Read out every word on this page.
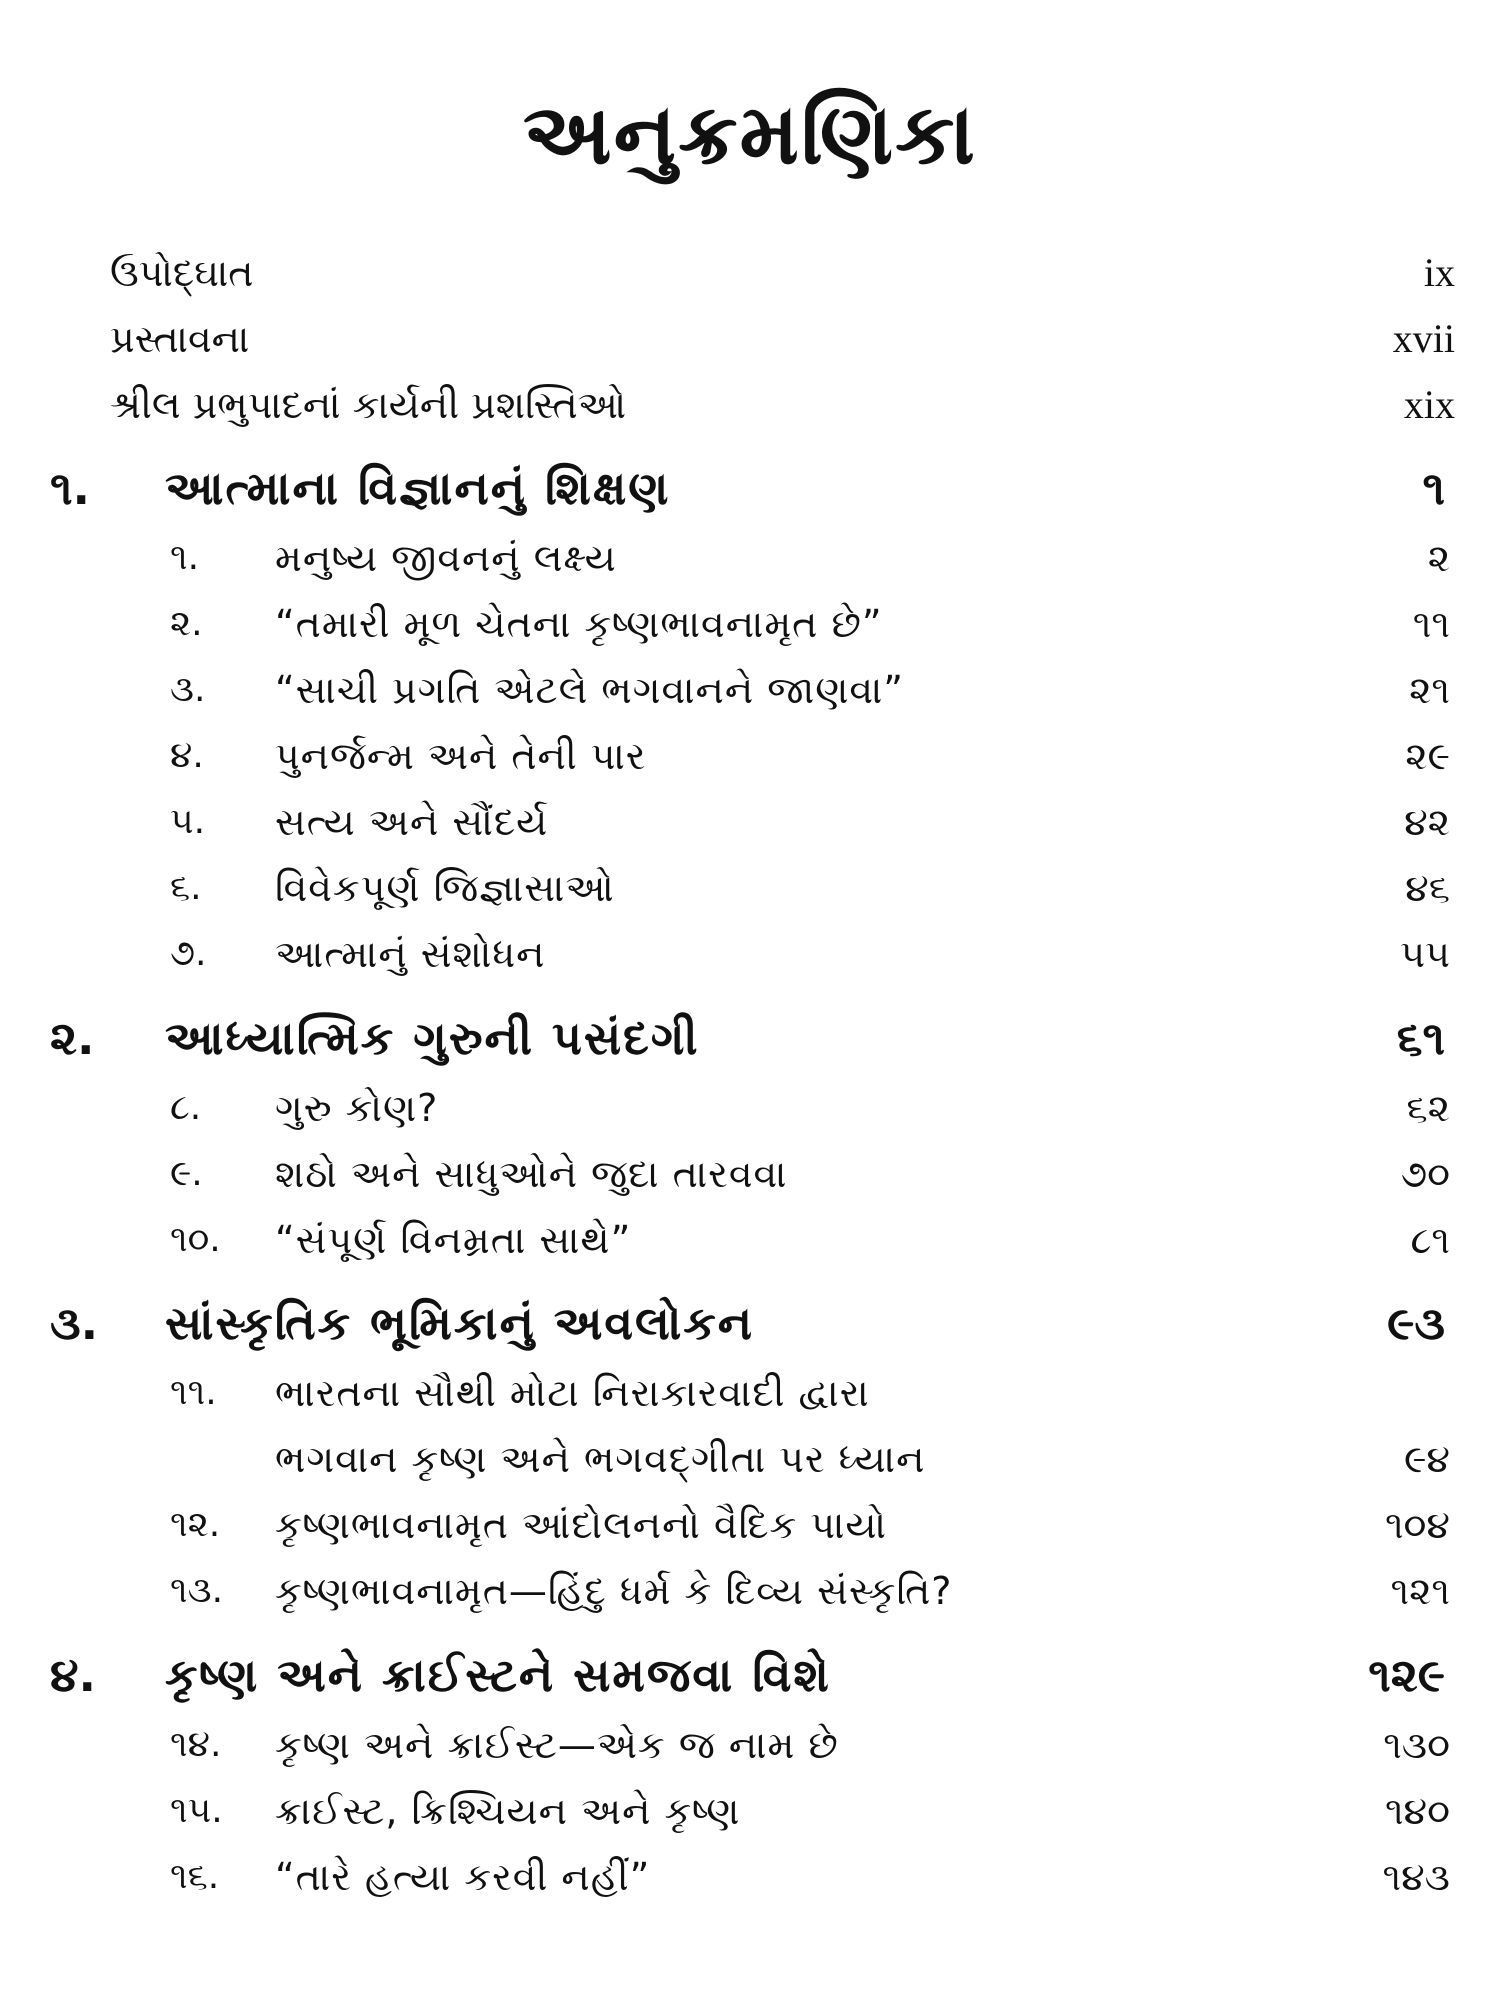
અનુક્રમણિકા
ઉપોદ્ઘાત	ix
પ્રસ્તાવના	xvii
શ્રીલ પ્રભુપાદનાં કાર્યની પ્રશસ્તિઓ	xix
૧. આત્માના વિજ્ઞાનનું શિક્ષણ	૧
૧. મનુષ્ય જીવનનું લક્ષ્ય	૨
૨. “તમારી મૂળ ચેતના કૃષ્ણભાવનામૃત છે”	૧૧
૩. “સાચી પ્રગતિ એટલે ભગવાનને જાણવા”	૨૧
૪. પુનર્જન્મ અને તેની પાર	૨૯
૫. સત્ય અને સૌંદર્ય	૪૨
૬. વિવેકપૂર્ણ જિજ્ઞાસાઓ	૪૬
૭. આત્માનું સંશોધન	૫૫
૨. આધ્યાત્મિક ગુરુની પસંદગી	૬૧
૮. ગુરુ કોણ?	૬૨
૯. શઠો અને સાધુઓને જુદા તારવવા	૭૦
૧૦. “સંપૂર્ણ વિનમ્રતા સાથે”	૮૧
૩. સાંસ્કૃતિક ભૂમિકાનું અવલોકન	૯૩
૧૧. ભારતના સૌથી મોટા નિરાકારવાદી દ્વારા
ભગવાન કૃષ્ણ અને ભગવદ્ગીતા પર ધ્યાન	૯૪
૧૨. કૃષ્ણભાવનામૃત આંદોલનનો વૈદિક પાયો	૧૦૪
૧૩. કૃષ્ણભાવનામૃત—હિંદુ ધર્મ કે દિવ્ય સંસ્કૃતિ?	૧૨૧
૪. કૃષ્ણ અને ક્રાઈસ્ટને સમજવા વિશે	૧૨૯
૧૪. કૃષ્ણ અને ક્રાઈસ્ટ—એક જ નામ છે	૧૩૦
૧૫. ક્રાઈસ્ટ, ક્રિશ્ચિયન અને કૃષ્ણ	૧૪૦
૧૬. “તારે હત્યા કરવી નહીં”	૧૪૩
